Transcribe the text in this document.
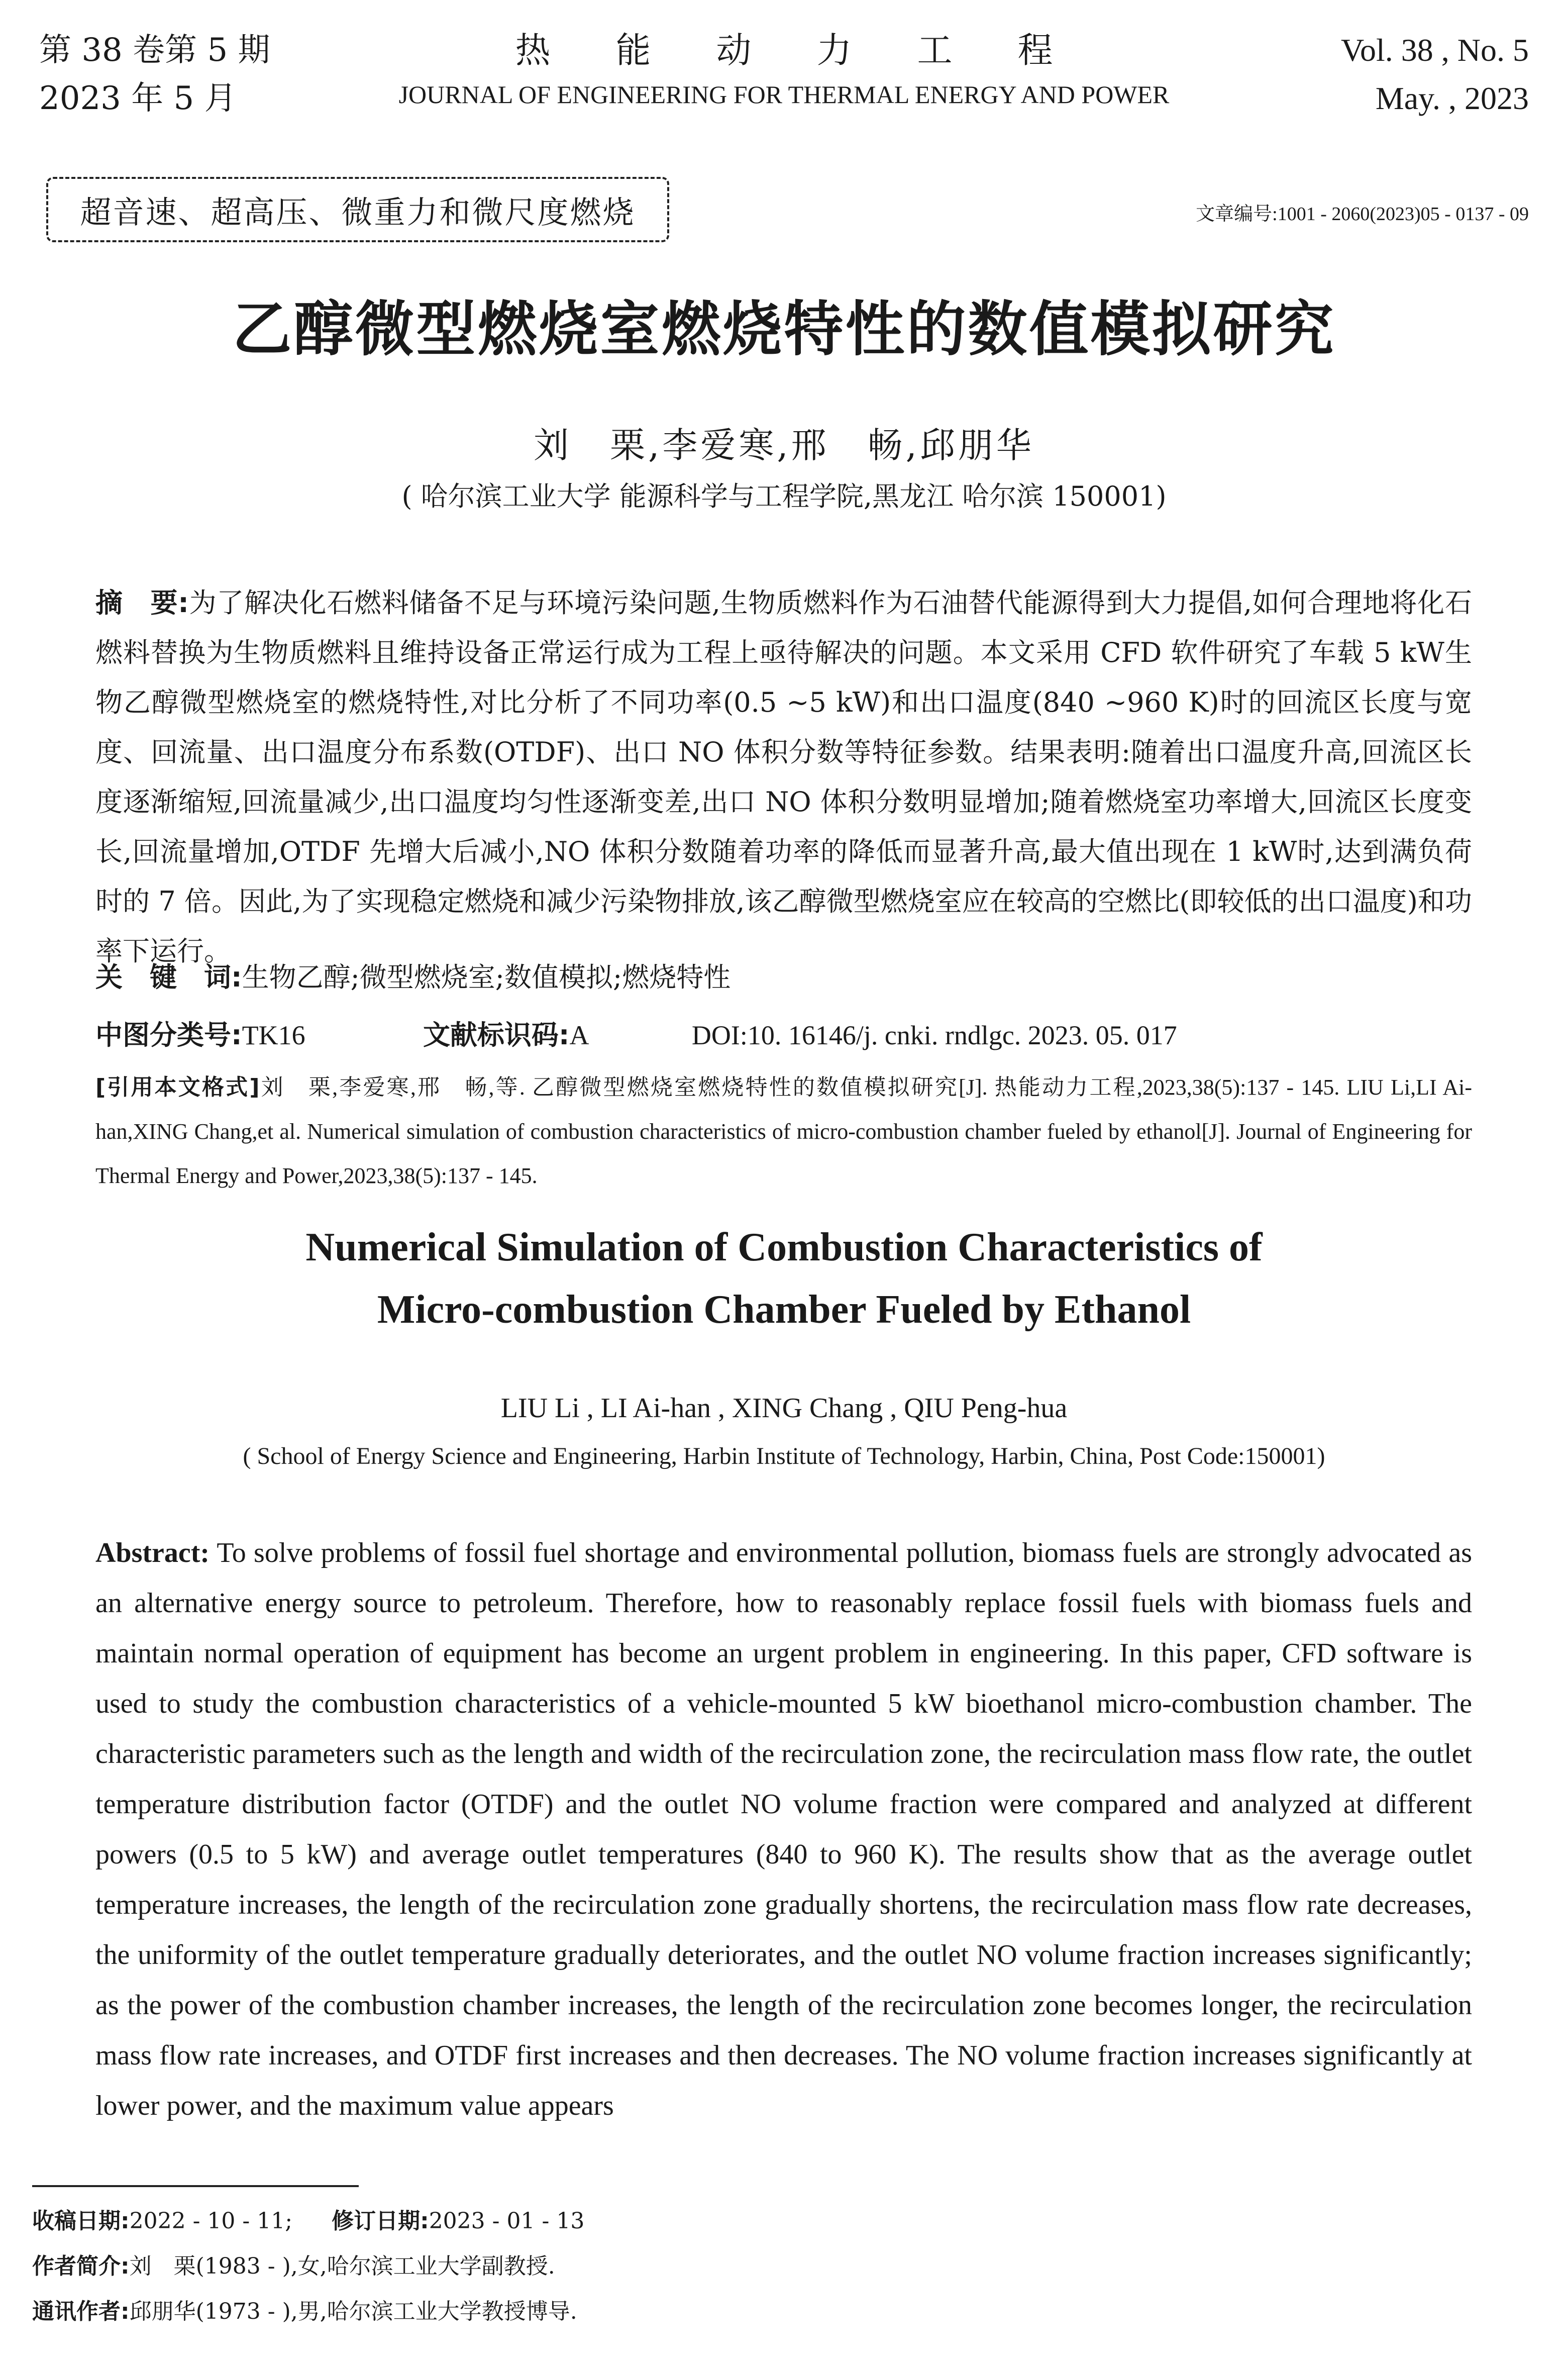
第 38 卷第 5 期
2023 年 5 月
热能动力工程
JOURNAL OF ENGINEERING FOR THERMAL ENERGY AND POWER
Vol. 38 , No. 5
May. , 2023
超音速、超高压、微重力和微尺度燃烧	文章编号:1001 - 2060(2023)05 - 0137 - 09
乙醇微型燃烧室燃烧特性的数值模拟研究
刘　栗,李爱寒,邢　畅,邱朋华
( 哈尔滨工业大学 能源科学与工程学院,黑龙江 哈尔滨 150001)
摘　要:为了解决化石燃料储备不足与环境污染问题,生物质燃料作为石油替代能源得到大力提倡,如何合理地将化石燃料替换为生物质燃料且维持设备正常运行成为工程上亟待解决的问题。本文采用 CFD 软件研究了车载 5 kW生物乙醇微型燃烧室的燃烧特性,对比分析了不同功率(0.5 ~5 kW)和出口温度(840 ~960 K)时的回流区长度与宽度、回流量、出口温度分布系数(OTDF)、出口 NO 体积分数等特征参数。结果表明:随着出口温度升高,回流区长度逐渐缩短,回流量减少,出口温度均匀性逐渐变差,出口 NO 体积分数明显增加;随着燃烧室功率增大,回流区长度变长,回流量增加,OTDF 先增大后减小,NO 体积分数随着功率的降低而显著升高,最大值出现在 1 kW时,达到满负荷时的 7 倍。因此,为了实现稳定燃烧和减少污染物排放,该乙醇微型燃烧室应在较高的空燃比(即较低的出口温度)和功率下运行。
关　键　词:生物乙醇;微型燃烧室;数值模拟;燃烧特性
中图分类号:TK16	文献标识码:A	DOI:10. 16146/j. cnki. rndlgc. 2023. 05. 017
[引用本文格式]刘　栗,李爱寒,邢　畅,等. 乙醇微型燃烧室燃烧特性的数值模拟研究[J]. 热能动力工程,2023,38(5):137 - 145. LIU Li,LI Ai-han,XING Chang,et al. Numerical simulation of combustion characteristics of micro-combustion chamber fueled by ethanol[J]. Journal of Engineering for Thermal Energy and Power,2023,38(5):137 - 145.
Numerical Simulation of Combustion Characteristics of
Micro-combustion Chamber Fueled by Ethanol
LIU Li , LI Ai-han , XING Chang , QIU Peng-hua
( School of Energy Science and Engineering, Harbin Institute of Technology, Harbin, China, Post Code:150001)
Abstract: To solve problems of fossil fuel shortage and environmental pollution, biomass fuels are strongly advocated as an alternative energy source to petroleum. Therefore, how to reasonably replace fossil fuels with biomass fuels and maintain normal operation of equipment has become an urgent problem in engineering. In this paper, CFD software is used to study the combustion characteristics of a vehicle-mounted 5 kW bioethanol micro-combustion chamber. The characteristic parameters such as the length and width of the recirculation zone, the recirculation mass flow rate, the outlet temperature distribution factor (OTDF) and the outlet NO volume fraction were compared and analyzed at different powers (0.5 to 5 kW) and average outlet temperatures (840 to 960 K). The results show that as the average outlet temperature increases, the length of the recirculation zone gradually shortens, the recirculation mass flow rate decreases, the uniformity of the outlet temperature gradually deteriorates, and the outlet NO volume fraction increases significantly; as the power of the combustion chamber increases, the length of the recirculation zone becomes longer, the recirculation mass flow rate increases, and OTDF first increases and then decreases. The NO volume fraction increases significantly at lower power, and the maximum value appears
收稿日期:2022 - 10 - 11; 修订日期:2023 - 01 - 13
作者简介:刘　栗(1983 - ),女,哈尔滨工业大学副教授.
通讯作者:邱朋华(1973 - ),男,哈尔滨工业大学教授博导.
